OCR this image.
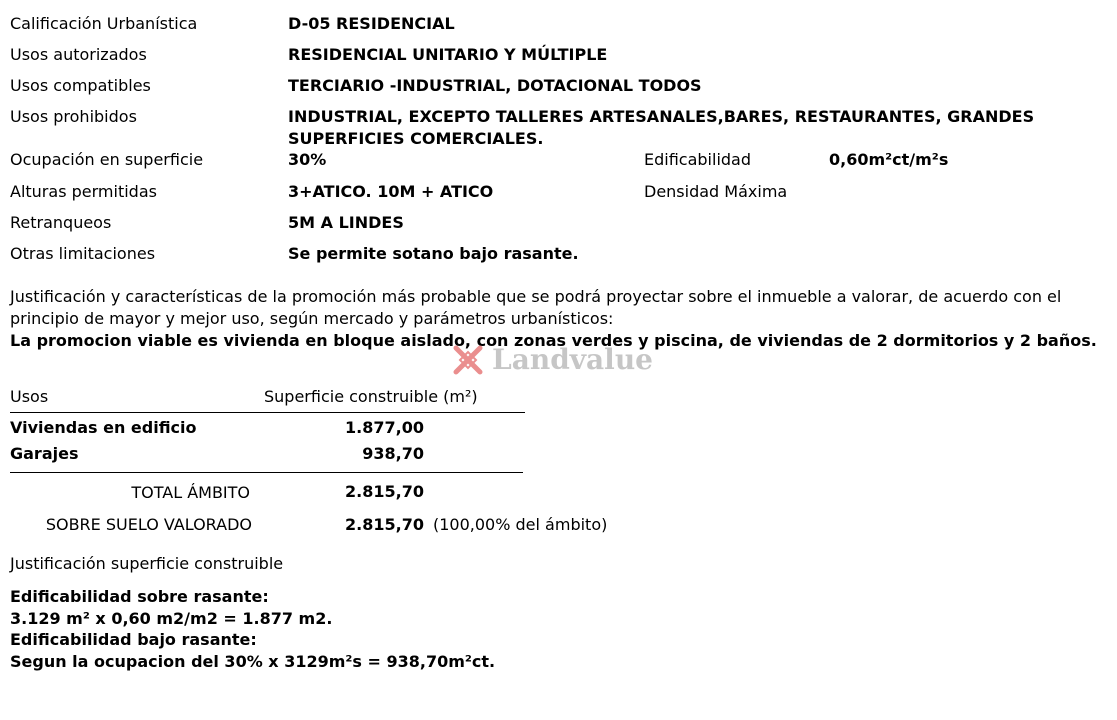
Calificación Urbanística	D-05 RESIDENCIAL
Usos autorizados	RESIDENCIAL UNITARIO Y MÚLTIPLE
Usos compatibles	TERCIARIO -INDUSTRIAL, DOTACIONAL TODOS
Usos prohibidos	INDUSTRIAL, EXCEPTO TALLERES ARTESANALES,BARES, RESTAURANTES, GRANDES
SUPERFICIES COMERCIALES.
Ocupación en superficie	30%	Edificabilidad	0,60m²ct/m²s
Alturas permitidas	3+ATICO. 10M + ATICO	Densidad Máxima
Retranqueos	5M A LINDES
Otras limitaciones	Se permite sotano bajo rasante.
Justificación y características de la promoción más probable que se podrá proyectar sobre el inmueble a valorar, de acuerdo con el
principio de mayor y mejor uso, según mercado y parámetros urbanísticos:
La promocion viable es vivienda en bloque aislado, con zonas verdes y piscina, de viviendas de 2 dormitorios y 2 baños.
Landvalue
Usos	Superficie construible (m²)
Viviendas en edificio	1.877,00
Garajes	938,70
TOTAL ÁMBITO	2.815,70
SOBRE SUELO VALORADO	2.815,70 (100,00% del ámbito)
Justificación superficie construible
Edificabilidad sobre rasante:
3.129 m² x 0,60 m2/m2 = 1.877 m2.
Edificabilidad bajo rasante:
Segun la ocupacion del 30% x 3129m²s = 938,70m²ct.
